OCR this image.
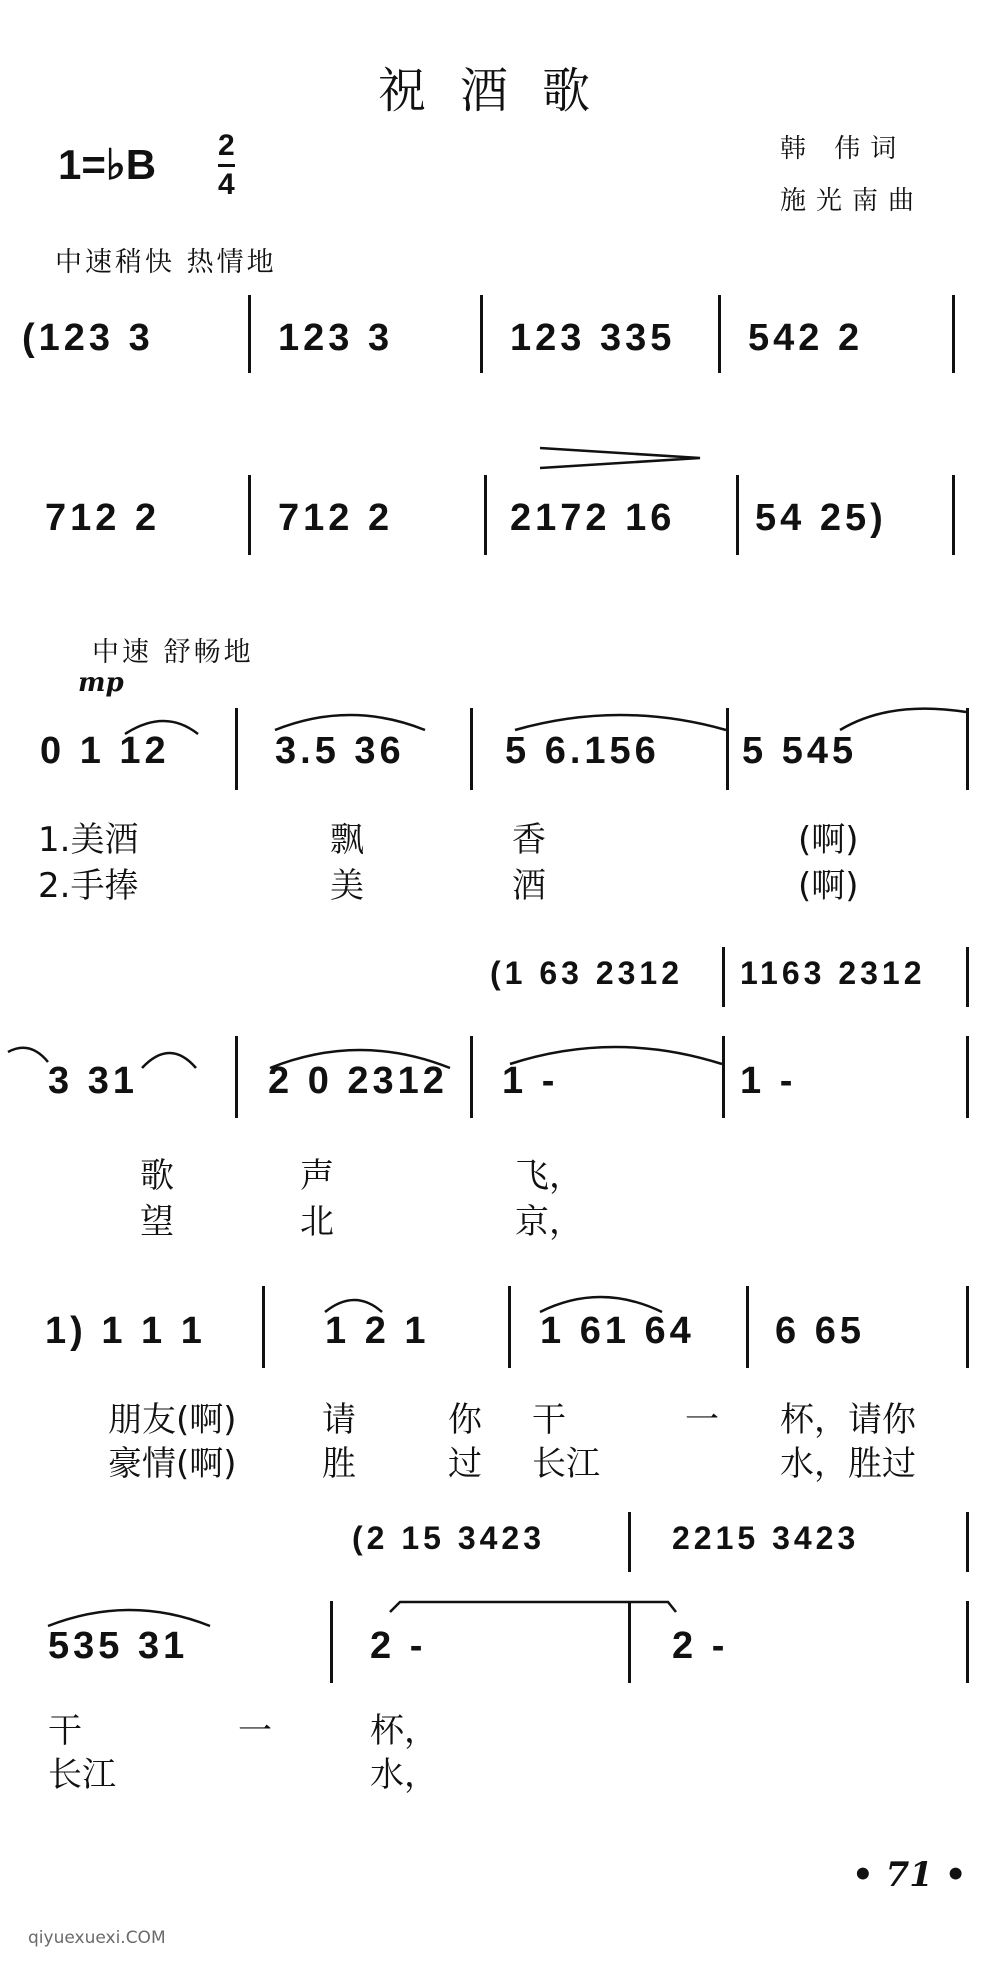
祝酒歌
1=♭B 2
4
韩 伟词
施光南曲
中速稍快 热情地
(123 3	123 3	123 335 542 2
712 2	712 2	2172 16 54 25)
中速 舒畅地
mp
0 1 12	3.5 36	5 6.156 5 545
1.美酒	飘	香	(啊)
2.手捧	美	酒	(啊)
(1 63 2312 1163 2312
3 31	2 0 2312 1 -	1 -
歌	声	飞，
望	北	京，
1) 1 1 1	1 2 1	1 61 64 6 65
朋友(啊)	请	你 干	一 杯，请你
豪情(啊)	胜	过 长江	水，胜过
(2 15 3423	2215 3423
535 31	2 -	2 -
干	一	杯，
长江	水，
• 71 •
qiyuexuexi.COM
